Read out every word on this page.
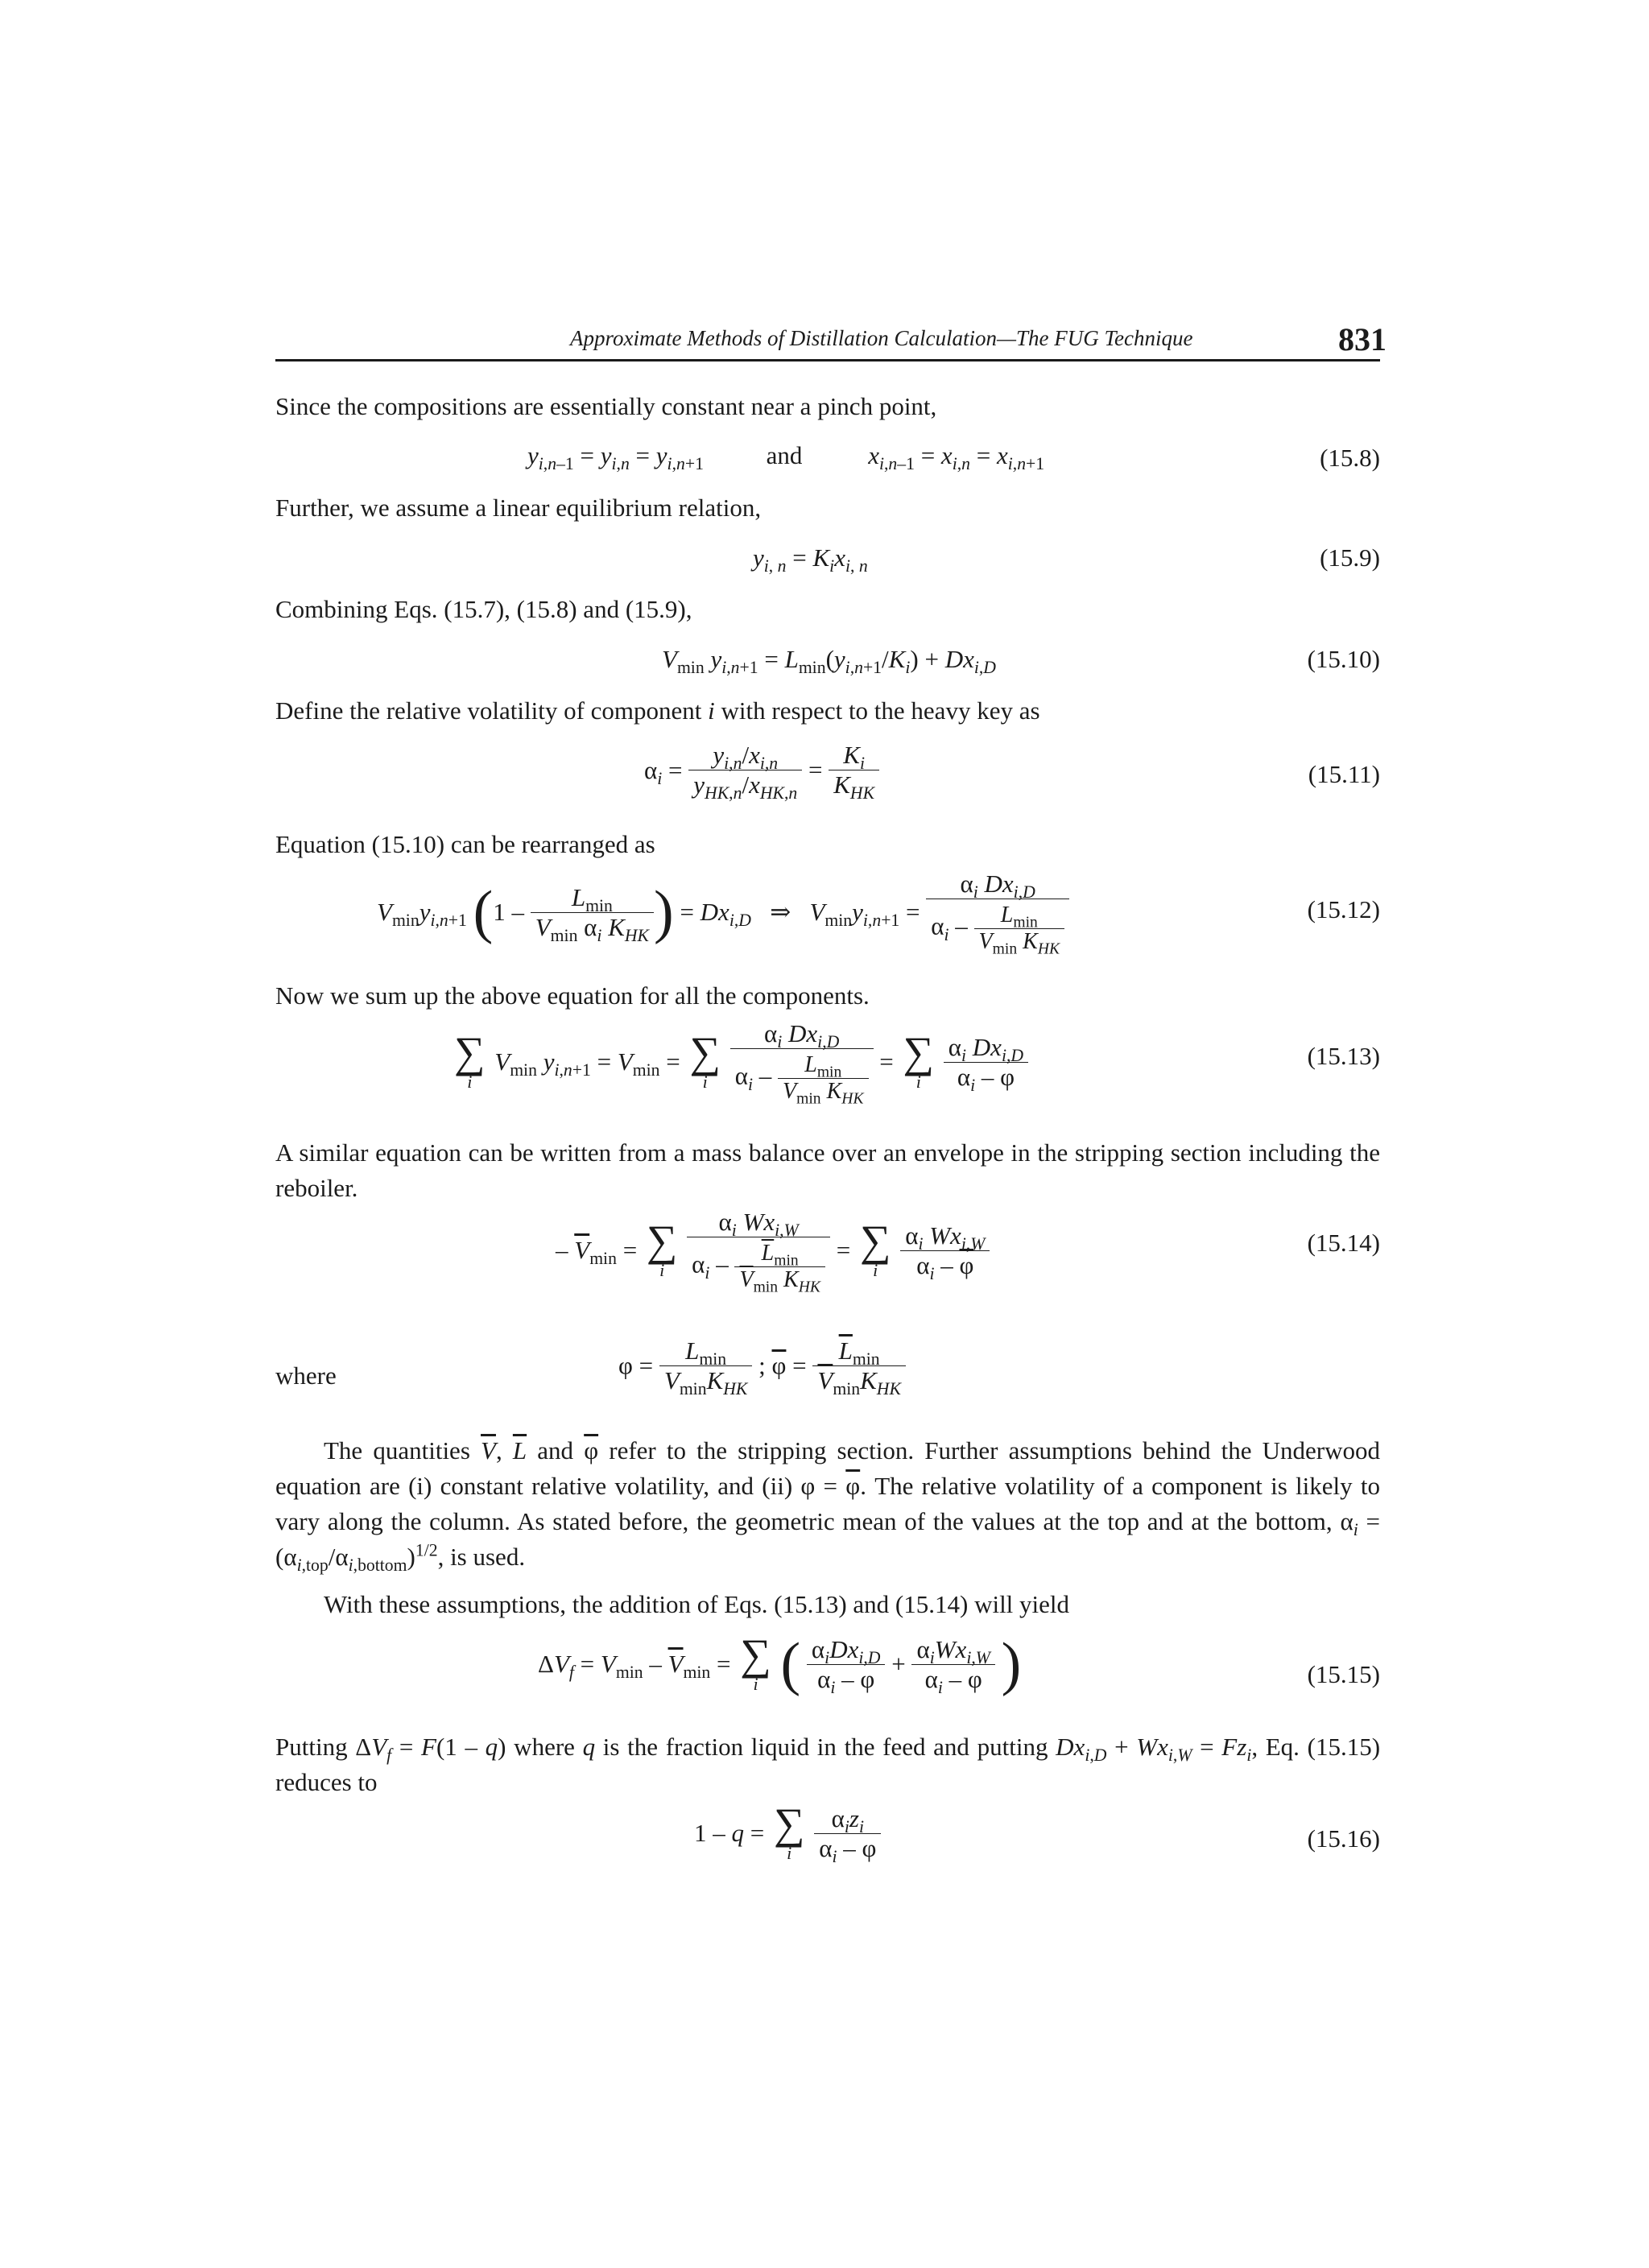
Approximate Methods of Distillation Calculation—The FUG Technique	831
Since the compositions are essentially constant near a pinch point,
$y_{i,n-1} = y_{i,n} = y_{i,n+1}$	and	$x_{i,n-1} = x_{i,n} = x_{i,n+1}$	(15.8)
Further, we assume a linear equilibrium relation,
$y_{i, n} = K_ix_{i, n}$	(15.9)
Combining Eqs. (15.7), (15.8) and (15.9),
$V_{min}$ $y_{i,n+1} = L_{min}(y_{i,n+1}/K_i) + Dx_{i,D}$	(15.10)
Define the relative volatility of component i with respect to the heavy key as
$\alpha_i = \frac{y_{i,n}/x_{i,n}}{y_{HK,n}/x_{HK,n}} = \frac{K_i}{K_{HK}}$	(15.11)
Equation (15.10) can be rearranged as
$V_{min}y_{i,n+1}$ ($1 - \frac{L_{min}}{V_{min} \alpha_i K_{HK}}$ ) = $Dx_{i,D}$   ⇒   $V_{min}y_{i,n+1} = \frac{\alpha_i Dx_{i,D}}{\alpha_i - \frac{L_{min}}{V_{min} K_{HK}}}$	(15.12)
Now we sum up the above equation for all the components.
∑
i
$V_{min}$ $y_{i,n+1} = V_{min}$ = ∑
i
$\frac{\alpha_i Dx_{i,D}}{\alpha_i - \frac{L_{min}}{V_{min} K_{HK}}}$ = ∑
i
$\frac{\alpha_i Dx_{i,D}}{\alpha_i - \varphi}$	(15.13)
A similar equation can be written from a mass balance over an envelope in the stripping section including the reboiler.
– $\overline{V}_{min}$ = ∑
i
$\frac{\alpha_i Wx_{i,W}}{\alpha_i - \frac{\overline{L}_{min}}{\overline{V}_{min} K_{HK}}}$ = ∑
i
$\frac{\alpha_i Wx_{i,W}}{\alpha_i - \overline{\varphi}}$	(15.14)
where	$\varphi = \frac{L_{min}}{V_{min}K_{HK}}$ ; $\overline{\varphi} = \frac{\overline{L}_{min}}{\overline{V}_{min}K_{HK}}$
The quantities $\overline{V}$, $\overline{L}$ and $\overline{\varphi}$ refer to the stripping section. Further assumptions behind the Underwood equation are (i) constant relative volatility, and (ii) $\varphi = \overline{\varphi}$. The relative volatility of a component is likely to vary along the column. As stated before, the geometric mean of the values at the top and at the bottom, $\alpha_i = (\alpha_{i,top}/\alpha_{i,bottom})^{1/2}$, is used.
With these assumptions, the addition of Eqs. (15.13) and (15.14) will yield
$\Delta V_f = V_{min} - \overline{V}_{min}$ = ∑
i ( $\frac{\alpha_iDx_{i,D}}{\alpha_i - \varphi} + \frac{\alpha_iWx_{i,W}}{\alpha_i - \varphi}$ )	(15.15)
Putting $\Delta V_f = F(1 - q)$ where q is the fraction liquid in the feed and putting $Dx_{i,D} + Wx_{i,W} = Fz_i$, Eq. (15.15) reduces to
1 – q = ∑
i
$\frac{\alpha_iz_i}{\alpha_i - \varphi}$	(15.16)
